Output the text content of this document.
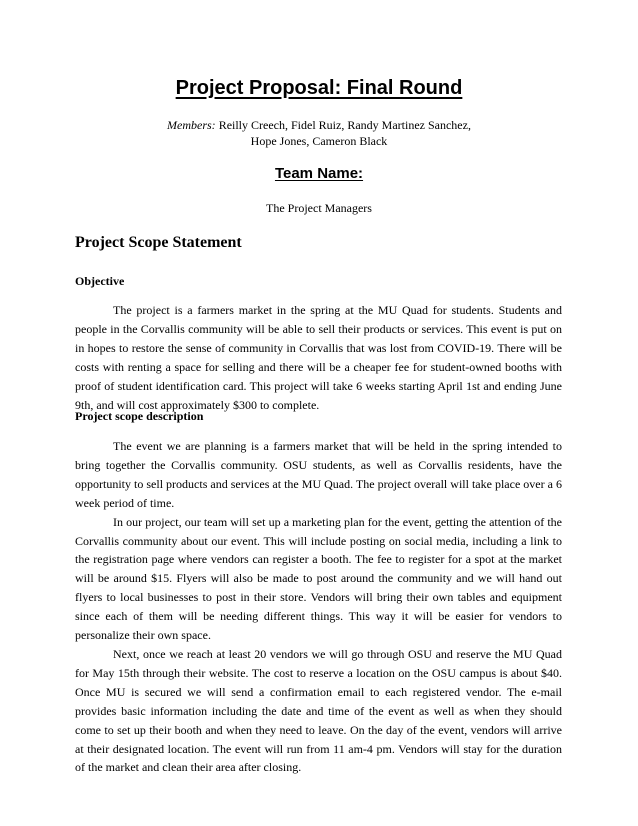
Project Proposal: Final Round
Members: Reilly Creech, Fidel Ruiz, Randy Martinez Sanchez,
Hope Jones, Cameron Black
Team Name:
The Project Managers
Project Scope Statement
Objective

The project is a farmers market in the spring at the MU Quad for students. Students and people in the Corvallis community will be able to sell their products or services. This event is put on in hopes to restore the sense of community in Corvallis that was lost from COVID-19. There will be costs with renting a space for selling and there will be a cheaper fee for student-owned booths with proof of student identification card. This project will take 6 weeks starting April 1st and ending June 9th, and will cost approximately $300 to complete.

Project scope description

The event we are planning is a farmers market that will be held in the spring intended to bring together the Corvallis community. OSU students, as well as Corvallis residents, have the opportunity to sell products and services at the MU Quad. The project overall will take place over a 6 week period of time.

In our project, our team will set up a marketing plan for the event, getting the attention of the Corvallis community about our event. This will include posting on social media, including a link to the registration page where vendors can register a booth. The fee to register for a spot at the market will be around $15. Flyers will also be made to post around the community and we will hand out flyers to local businesses to post in their store. Vendors will bring their own tables and equipment since each of them will be needing different things. This way it will be easier for vendors to personalize their own space.

Next, once we reach at least 20 vendors we will go through OSU and reserve the MU Quad for May 15th through their website. The cost to reserve a location on the OSU campus is about $40. Once MU is secured we will send a confirmation email to each registered vendor. The e-mail provides basic information including the date and time of the event as well as when they should come to set up their booth and when they need to leave. On the day of the event, vendors will arrive at their designated location. The event will run from 11 am-4 pm. Vendors will stay for the duration of the market and clean their area after closing.
